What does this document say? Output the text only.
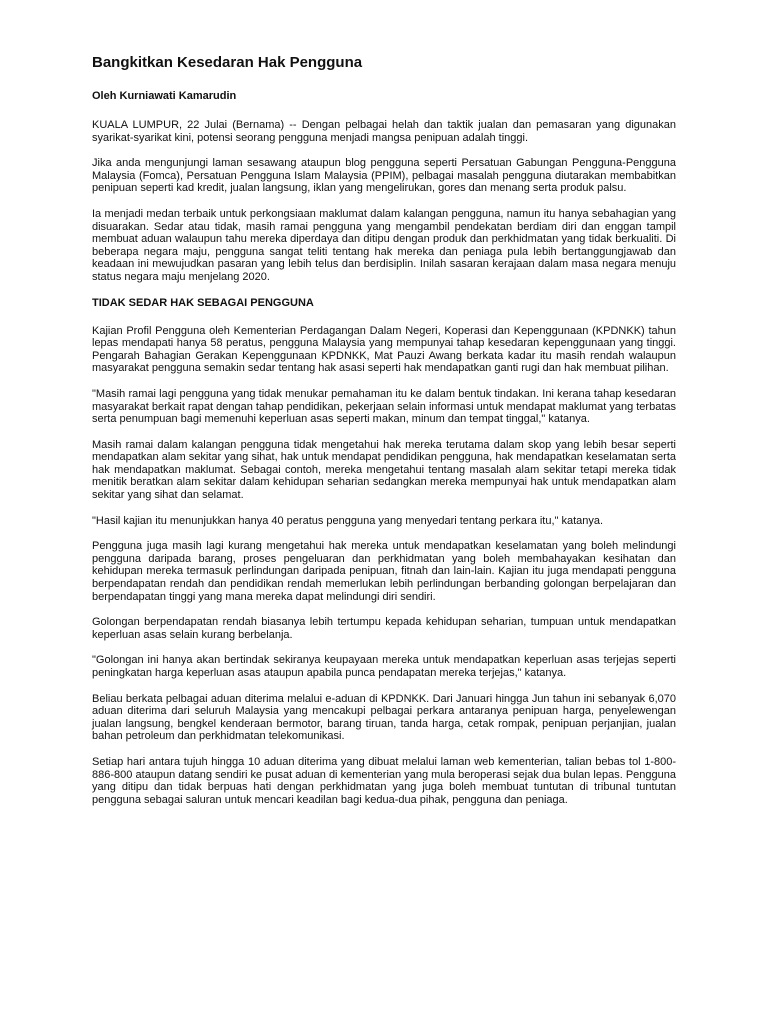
Bangkitkan Kesedaran Hak Pengguna
Oleh Kurniawati Kamarudin

KUALA LUMPUR, 22 Julai (Bernama) -- Dengan pelbagai helah dan taktik jualan dan pemasaran yang digunakan syarikat-syarikat kini, potensi seorang pengguna menjadi mangsa penipuan adalah tinggi.

Jika anda mengunjungi laman sesawang ataupun blog pengguna seperti Persatuan Gabungan Pengguna-Pengguna Malaysia (Fomca), Persatuan Pengguna Islam Malaysia (PPIM), pelbagai masalah pengguna diutarakan membabitkan penipuan seperti kad kredit, jualan langsung, iklan yang mengelirukan, gores dan menang serta produk palsu.

Ia menjadi medan terbaik untuk perkongsiaan maklumat dalam kalangan pengguna, namun itu hanya sebahagian yang disuarakan. Sedar atau tidak, masih ramai pengguna yang mengambil pendekatan berdiam diri dan enggan tampil membuat aduan walaupun tahu mereka diperdaya dan ditipu dengan produk dan perkhidmatan yang tidak berkualiti. Di beberapa negara maju, pengguna sangat teliti tentang hak mereka dan peniaga pula lebih bertanggungjawab dan keadaan ini mewujudkan pasaran yang lebih telus dan berdisiplin. Inilah sasaran kerajaan dalam masa negara menuju status negara maju menjelang 2020.

TIDAK SEDAR HAK SEBAGAI PENGGUNA

Kajian Profil Pengguna oleh Kementerian Perdagangan Dalam Negeri, Koperasi dan Kepenggunaan (KPDNKK) tahun lepas mendapati hanya 58 peratus, pengguna Malaysia yang mempunyai tahap kesedaran kepenggunaan yang tinggi. Pengarah Bahagian Gerakan Kepenggunaan KPDNKK, Mat Pauzi Awang berkata kadar itu masih rendah walaupun masyarakat pengguna semakin sedar tentang hak asasi seperti hak mendapatkan ganti rugi dan hak membuat pilihan.

"Masih ramai lagi pengguna yang tidak menukar pemahaman itu ke dalam bentuk tindakan. Ini kerana tahap kesedaran masyarakat berkait rapat dengan tahap pendidikan, pekerjaan selain informasi untuk mendapat maklumat yang terbatas serta penumpuan bagi memenuhi keperluan asas seperti makan, minum dan tempat tinggal," katanya.

Masih ramai dalam kalangan pengguna tidak mengetahui hak mereka terutama dalam skop yang lebih besar seperti mendapatkan alam sekitar yang sihat, hak untuk mendapat pendidikan pengguna, hak mendapatkan keselamatan serta hak mendapatkan maklumat. Sebagai contoh, mereka mengetahui tentang masalah alam sekitar tetapi mereka tidak menitik beratkan alam sekitar dalam kehidupan seharian sedangkan mereka mempunyai hak untuk mendapatkan alam sekitar yang sihat dan selamat.

"Hasil kajian itu menunjukkan hanya 40 peratus pengguna yang menyedari tentang perkara itu," katanya.

Pengguna juga masih lagi kurang mengetahui hak mereka untuk mendapatkan keselamatan yang boleh melindungi pengguna daripada barang, proses pengeluaran dan perkhidmatan yang boleh membahayakan kesihatan dan kehidupan mereka termasuk perlindungan daripada penipuan, fitnah dan lain-lain. Kajian itu juga mendapati pengguna berpendapatan rendah dan pendidikan rendah memerlukan lebih perlindungan berbanding golongan berpelajaran dan berpendapatan tinggi yang mana mereka dapat melindungi diri sendiri.

Golongan berpendapatan rendah biasanya lebih tertumpu kepada kehidupan seharian, tumpuan untuk mendapatkan keperluan asas selain kurang berbelanja.

"Golongan ini hanya akan bertindak sekiranya keupayaan mereka untuk mendapatkan keperluan asas terjejas seperti peningkatan harga keperluan asas ataupun apabila punca pendapatan mereka terjejas," katanya.

Beliau berkata pelbagai aduan diterima melalui e-aduan di KPDNKK. Dari Januari hingga Jun tahun ini sebanyak 6,070 aduan diterima dari seluruh Malaysia yang mencakupi pelbagai perkara antaranya penipuan harga, penyelewengan jualan langsung, bengkel kenderaan bermotor, barang tiruan, tanda harga, cetak rompak, penipuan perjanjian, jualan bahan petroleum dan perkhidmatan telekomunikasi.

Setiap hari antara tujuh hingga 10 aduan diterima yang dibuat melalui laman web kementerian, talian bebas tol 1-800-886-800 ataupun datang sendiri ke pusat aduan di kementerian yang mula beroperasi sejak dua bulan lepas. Pengguna yang ditipu dan tidak berpuas hati dengan perkhidmatan yang juga boleh membuat tuntutan di tribunal tuntutan pengguna sebagai saluran untuk mencari keadilan bagi kedua-dua pihak, pengguna dan peniaga.
